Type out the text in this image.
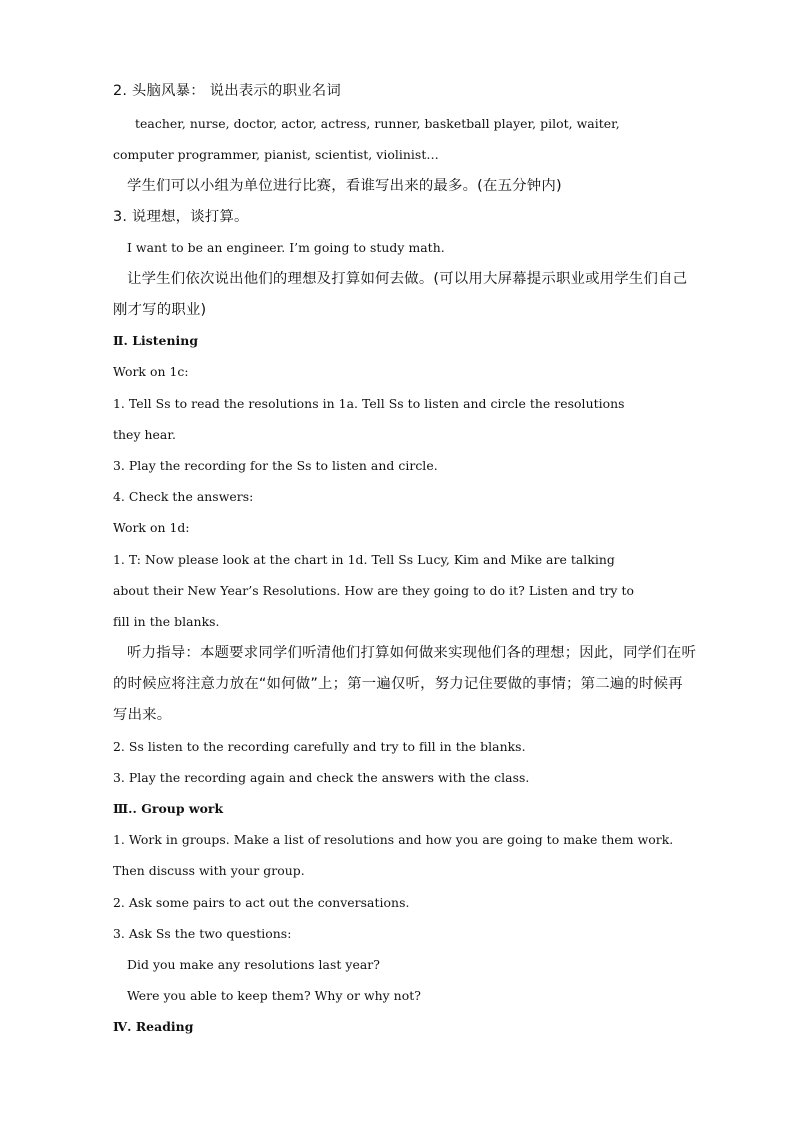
2. 头脑风暴： 说出表示的职业名词
teacher, nurse, doctor, actor, actress, runner, basketball player, pilot, waiter,
computer programmer, pianist, scientist, violinist…
学生们可以小组为单位进行比赛，看谁写出来的最多。(在五分钟内)
3. 说理想，谈打算。
I want to be an engineer. I’m going to study math.
让学生们依次说出他们的理想及打算如何去做。(可以用大屏幕提示职业或用学生们自己
刚才写的职业)
Ⅱ. Listening
Work on 1c:
1. Tell Ss to read the resolutions in 1a. Tell Ss to listen and circle the resolutions
they hear.
3. Play the recording for the Ss to listen and circle.
4. Check the answers:
Work on 1d:
1. T: Now please look at the chart in 1d. Tell Ss Lucy, Kim and Mike are talking
about their New Year’s Resolutions. How are they going to do it? Listen and try to
fill in the blanks.
听力指导：本题要求同学们听清他们打算如何做来实现他们各的理想；因此，同学们在听
的时候应将注意力放在“如何做”上；第一遍仅听，努力记住要做的事情；第二遍的时候再
写出来。
2. Ss listen to the recording carefully and try to fill in the blanks.
3. Play the recording again and check the answers with the class.
Ⅲ.. Group work
1. Work in groups. Make a list of resolutions and how you are going to make them work.
Then discuss with your group.
2. Ask some pairs to act out the conversations.
3. Ask Ss the two questions:
Did you make any resolutions last year?
Were you able to keep them? Why or why not?
Ⅳ. Reading
